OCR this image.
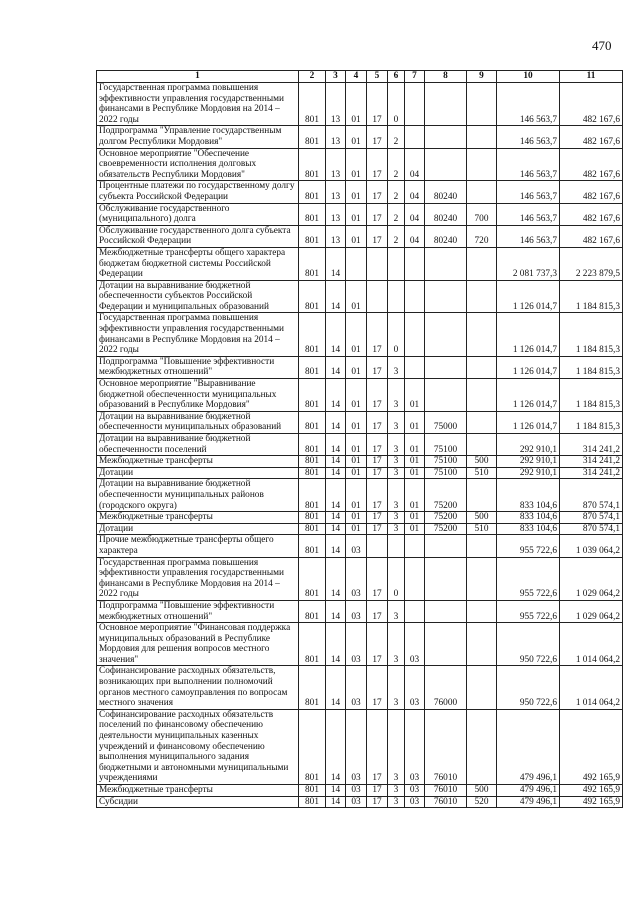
470
1	2	3	4	5	6	7	8	9	10	11
Государственная программа повышения эффективности управления государственными финансами в Республике Мордовия на 2014 – 2022 годы	801	13	01	17	0				146 563,7	482 167,6
Подпрограмма "Управление государственным долгом Республики Мордовия"	801	13	01	17	2				146 563,7	482 167,6
Основное мероприятие "Обеспечение своевременности исполнения долговых обязательств Республики Мордовия"	801	13	01	17	2	04			146 563,7	482 167,6
Процентные платежи по государственному долгу субъекта Российской Федерации	801	13	01	17	2	04	80240		146 563,7	482 167,6
Обслуживание государственного (муниципального) долга	801	13	01	17	2	04	80240	700	146 563,7	482 167,6
Обслуживание государственного долга субъекта Российской Федерации	801	13	01	17	2	04	80240	720	146 563,7	482 167,6
Межбюджетные трансферты общего характера бюджетам бюджетной системы Российской Федерации	801	14							2 081 737,3	2 223 879,5
Дотации на выравнивание бюджетной обеспеченности субъектов Российской Федерации и муниципальных образований	801	14	01						1 126 014,7	1 184 815,3
Государственная программа повышения эффективности управления государственными финансами в Республике Мордовия на 2014 – 2022 годы	801	14	01	17	0				1 126 014,7	1 184 815,3
Подпрограмма "Повышение эффективности межбюджетных отношений"	801	14	01	17	3				1 126 014,7	1 184 815,3
Основное мероприятие "Выравнивание бюджетной обеспеченности муниципальных образований в Республике Мордовия"	801	14	01	17	3	01			1 126 014,7	1 184 815,3
Дотации на выравнивание бюджетной обеспеченности муниципальных образований	801	14	01	17	3	01	75000		1 126 014,7	1 184 815,3
Дотации на выравнивание бюджетной обеспеченности поселений	801	14	01	17	3	01	75100		292 910,1	314 241,2
Межбюджетные трансферты	801	14	01	17	3	01	75100	500	292 910,1	314 241,2
Дотации	801	14	01	17	3	01	75100	510	292 910,1	314 241,2
Дотации на выравнивание бюджетной обеспеченности муниципальных районов (городского округа)	801	14	01	17	3	01	75200		833 104,6	870 574,1
Межбюджетные трансферты	801	14	01	17	3	01	75200	500	833 104,6	870 574,1
Дотации	801	14	01	17	3	01	75200	510	833 104,6	870 574,1
Прочие межбюджетные трансферты общего характера	801	14	03						955 722,6	1 039 064,2
Государственная программа повышения эффективности управления государственными финансами в Республике Мордовия на 2014 – 2022 годы	801	14	03	17	0				955 722,6	1 029 064,2
Подпрограмма "Повышение эффективности межбюджетных отношений"	801	14	03	17	3				955 722,6	1 029 064,2
Основное мероприятие "Финансовая поддержка муниципальных образований в Республике Мордовия для решения вопросов местного значения"	801	14	03	17	3	03			950 722,6	1 014 064,2
Софинансирование расходных обязательств, возникающих при выполнении полномочий органов местного самоуправления по вопросам местного значения	801	14	03	17	3	03	76000		950 722,6	1 014 064,2
Софинансирование расходных обязательств поселений по финансовому обеспечению деятельности муниципальных казенных учреждений и финансовому обеспечению выполнения муниципального задания бюджетными и автономными муниципальными учреждениями	801	14	03	17	3	03	76010		479 496,1	492 165,9
Межбюджетные трансферты	801	14	03	17	3	03	76010	500	479 496,1	492 165,9
Субсидии	801	14	03	17	3	03	76010	520	479 496,1	492 165,9
